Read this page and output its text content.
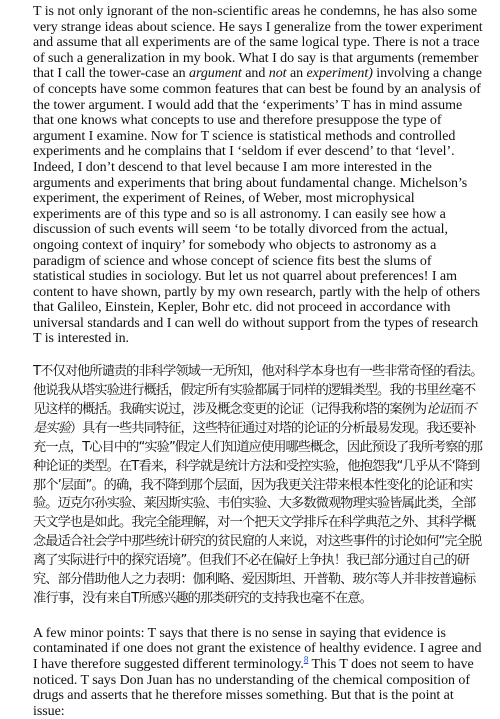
T is not only ignorant of the non-scientific areas he condemns, he has also some very strange ideas about science. He says I generalize from the tower experiment and assume that all experiments are of the same logical type. There is not a trace of such a generalization in my book. What I do say is that arguments (remember that I call the tower-case an argument and not an experiment) involving a change of concepts have some common features that can best be found by an analysis of the tower argument. I would add that the ‘experiments’ T has in mind assume that one knows what concepts to use and therefore presuppose the type of argument I examine. Now for T science is statistical methods and controlled experiments and he complains that I ‘seldom if ever descend’ to that ‘level’. Indeed, I don’t descend to that level because I am more interested in the arguments and experiments that bring about fundamental change. Michelson’s experiment, the experiment of Reines, of Weber, most microphysical experiments are of this type and so is all astronomy. I can easily see how a discussion of such events will seem ‘to be totally divorced from the actual, ongoing context of inquiry’ for somebody who objects to astronomy as a paradigm of science and whose concept of science fits best the slums of statistical studies in sociology. But let us not quarrel about preferences! I am content to have shown, partly by my own research, partly with the help of others that Galileo, Einstein, Kepler, Bohr etc. did not proceed in accordance with universal standards and I can well do without support from the types of research T is interested in.

T不仅对他所谴责的非科学领域一无所知，他对科学本身也有一些非常奇怪的看法。他说我从塔实验进行概括，假定所有实验都属于同样的逻辑类型。我的书里丝毫不见这样的概括。我确实说过，涉及概念变更的论证（记得我称塔的案例为论证而不是实验）具有一些共同特征，这些特征通过对塔的论证的分析最易发现。我还要补充一点，T心目中的“实验”假定人们知道应使用哪些概念，因此预设了我所考察的那种论证的类型。在T看来，科学就是统计方法和受控实验，他抱怨我“几乎从不‘降到那个’层面”。的确，我不降到那个层面，因为我更关注带来根本性变化的论证和实验。迈克尔孙实验、莱因斯实验、韦伯实验、大多数微观物理实验皆属此类，全部天文学也是如此。我完全能理解，对一个把天文学排斥在科学典范之外、其科学概念最适合社会学中那些统计研究的贫民窟的人来说，对这些事件的讨论如何“完全脱离了实际进行中的探究语境”。但我们不必在偏好上争执！我已部分通过自己的研究、部分借助他人之力表明：伽利略、爱因斯坦、开普勒、玻尔等人并非按普遍标准行事，没有来自T所感兴趣的那类研究的支持我也毫不在意。

A few minor points: T says that there is no sense in saying that evidence is contaminated if one does not grant the existence of healthy evidence. I agree and I have therefore suggested different terminology.$^8$ This T does not seem to have noticed. T says Don Juan has no understanding of the chemical composition of drugs and asserts that he therefore misses something. But that is the point at issue:
